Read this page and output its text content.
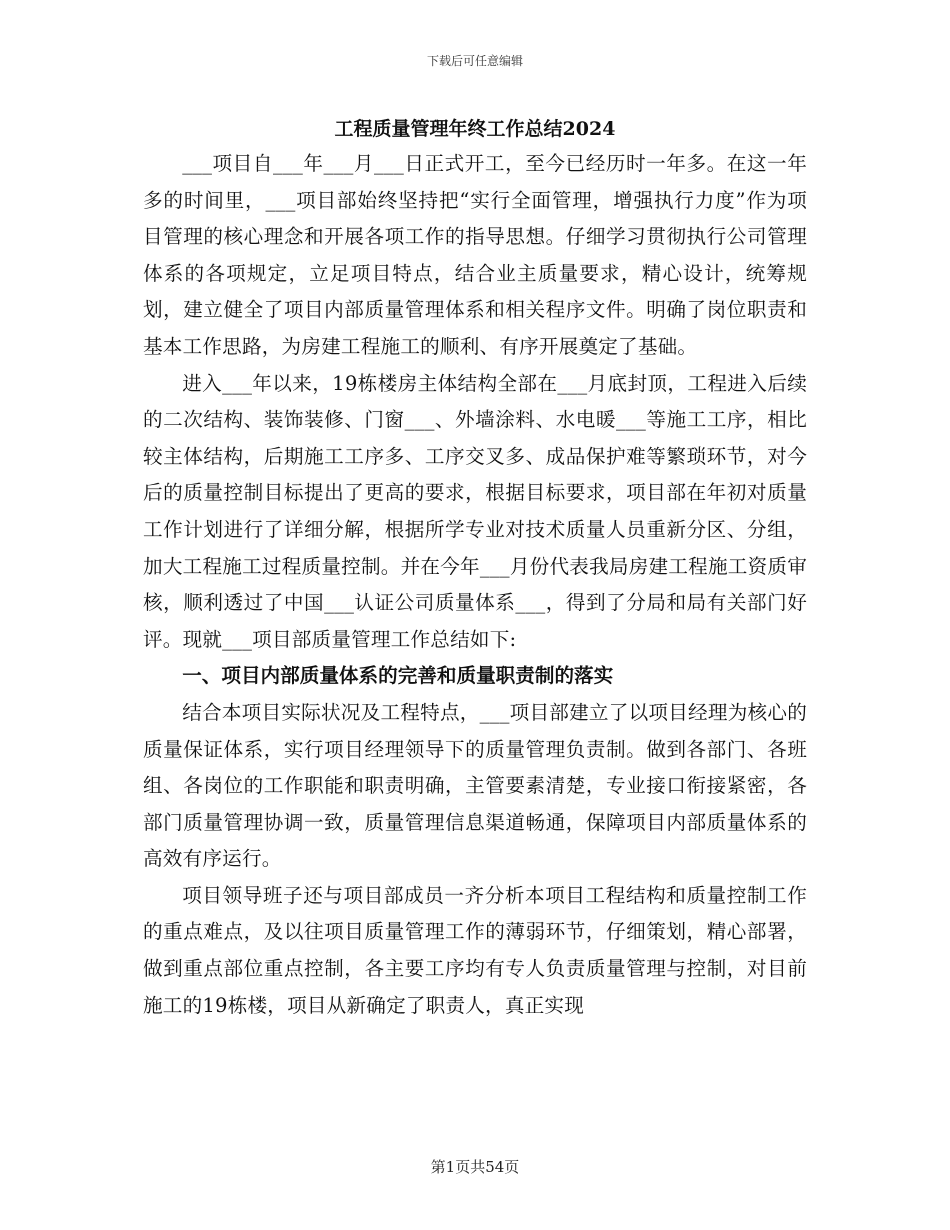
下载后可任意编辑
工程质量管理年终工作总结2024

___项目自___年___月___日正式开工，至今已经历时一年多。在这一年多的时间里，___项目部始终坚持把“实行全面管理，增强执行力度”作为项目管理的核心理念和开展各项工作的指导思想。仔细学习贯彻执行公司管理体系的各项规定，立足项目特点，结合业主质量要求，精心设计，统筹规划，建立健全了项目内部质量管理体系和相关程序文件。明确了岗位职责和基本工作思路，为房建工程施工的顺利、有序开展奠定了基础。

进入___年以来，19栋楼房主体结构全部在___月底封顶，工程进入后续的二次结构、装饰装修、门窗___、外墙涂料、水电暖___等施工工序，相比较主体结构，后期施工工序多、工序交叉多、成品保护难等繁琐环节，对今后的质量控制目标提出了更高的要求，根据目标要求，项目部在年初对质量工作计划进行了详细分解，根据所学专业对技术质量人员重新分区、分组，加大工程施工过程质量控制。并在今年___月份代表我局房建工程施工资质审核，顺利透过了中国___认证公司质量体系___，得到了分局和局有关部门好评。现就___项目部质量管理工作总结如下:

一、项目内部质量体系的完善和质量职责制的落实

结合本项目实际状况及工程特点，___项目部建立了以项目经理为核心的质量保证体系，实行项目经理领导下的质量管理负责制。做到各部门、各班组、各岗位的工作职能和职责明确，主管要素清楚，专业接口衔接紧密，各部门质量管理协调一致，质量管理信息渠道畅通，保障项目内部质量体系的高效有序运行。

项目领导班子还与项目部成员一齐分析本项目工程结构和质量控制工作的重点难点，及以往项目质量管理工作的薄弱环节，仔细策划，精心部署，做到重点部位重点控制，各主要工序均有专人负责质量管理与控制，对目前施工的19栋楼，项目从新确定了职责人，真正实现

第1页共54页
